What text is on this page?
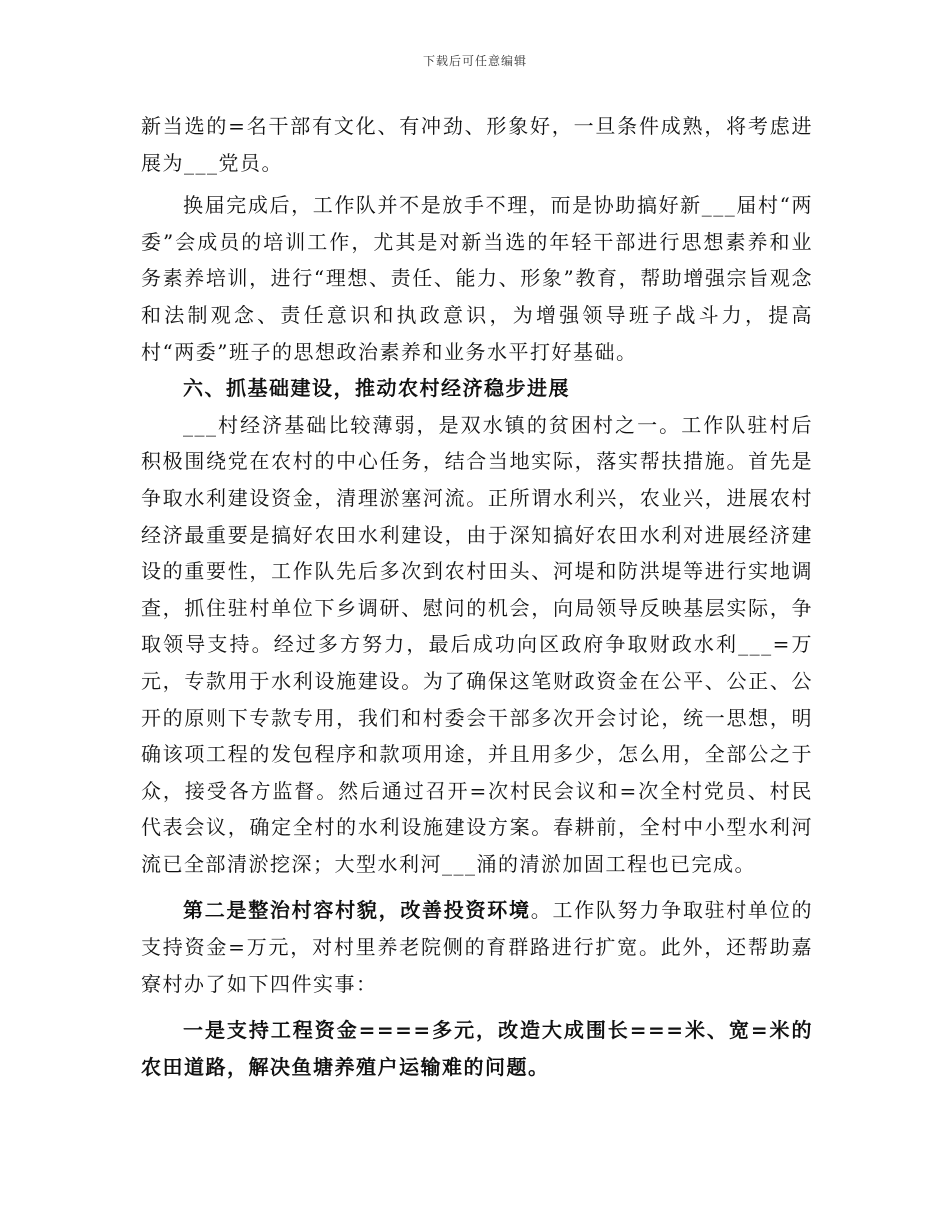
下载后可任意编辑

新当选的=名干部有文化、有冲劲、形象好，一旦条件成熟，将考虑进展为___党员。

换届完成后，工作队并不是放手不理，而是协助搞好新___届村“两委”会成员的培训工作，尤其是对新当选的年轻干部进行思想素养和业务素养培训，进行“理想、责任、能力、形象”教育，帮助增强宗旨观念和法制观念、责任意识和执政意识，为增强领导班子战斗力，提高村“两委”班子的思想政治素养和业务水平打好基础。

六、抓基础建设，推动农村经济稳步进展

___村经济基础比较薄弱，是双水镇的贫困村之一。工作队驻村后积极围绕党在农村的中心任务，结合当地实际，落实帮扶措施。首先是争取水利建设资金，清理淤塞河流。正所谓水利兴，农业兴，进展农村经济最重要是搞好农田水利建设，由于深知搞好农田水利对进展经济建设的重要性，工作队先后多次到农村田头、河堤和防洪堤等进行实地调查，抓住驻村单位下乡调研、慰问的机会，向局领导反映基层实际，争取领导支持。经过多方努力，最后成功向区政府争取财政水利___=万元，专款用于水利设施建设。为了确保这笔财政资金在公平、公正、公开的原则下专款专用，我们和村委会干部多次开会讨论，统一思想，明确该项工程的发包程序和款项用途，并且用多少，怎么用，全部公之于众，接受各方监督。然后通过召开=次村民会议和=次全村党员、村民代表会议，确定全村的水利设施建设方案。春耕前，全村中小型水利河流已全部清淤挖深；大型水利河___涌的清淤加固工程也已完成。

第二是整治村容村貌，改善投资环境。工作队努力争取驻村单位的支持资金=万元，对村里养老院侧的育群路进行扩宽。此外，还帮助嘉寮村办了如下四件实事：

一是支持工程资金====多元，改造大成围长===米、宽=米的农田道路，解决鱼塘养殖户运输难的问题。
